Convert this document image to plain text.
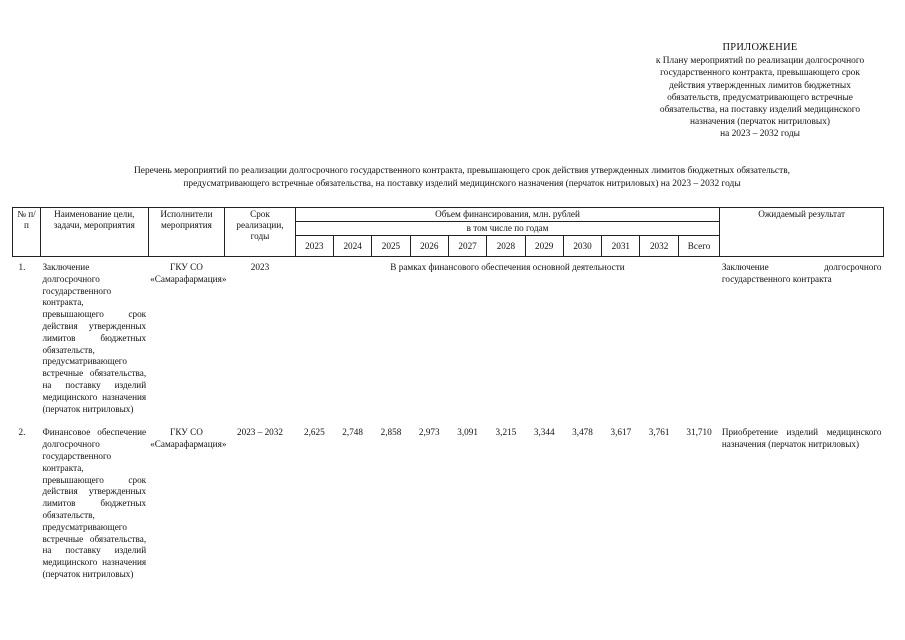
ПРИЛОЖЕНИЕ
к Плану мероприятий по реализации долгосрочного
государственного контракта, превышающего срок
действия утвержденных лимитов бюджетных
обязательств, предусматривающего встречные
обязательства, на поставку изделий медицинского
назначения (перчаток нитриловых)
на 2023 – 2032 годы
Перечень мероприятий по реализации долгосрочного государственного контракта, превышающего срок действия утвержденных лимитов бюджетных обязательств,
предусматривающего встречные обязательства, на поставку изделий медицинского назначения (перчаток нитриловых) на 2023 – 2032 годы
№ п/п	Наименование цели, задачи, мероприятия	Исполнители мероприятия	Срок реализации, годы	Объем финансирования, млн. рублей											Ожидаемый результат
				в том числе по годам											
				2023	2024	2025	2026	2027	2028	2029	2030	2031	2032	Всего	

1.	Заключение долгосрочного государственного контракта, превышающего срок действия утвержденных лимитов бюджетных обязательств, предусматривающего встречные обязательства, на поставку изделий медицинского назначения (перчаток нитриловых)	ГКУ СО «Самарафармация»	2023	В рамках финансового обеспечения основной деятельности											Заключение долгосрочного государственного контракта

2.	Финансовое обеспечение долгосрочного государственного контракта, превышающего срок действия утвержденных лимитов бюджетных обязательств, предусматривающего встречные обязательства, на поставку изделий медицинского назначения (перчаток нитриловых)	ГКУ СО «Самарафармация»	2023 – 2032	2,625	2,748	2,858	2,973	3,091	3,215	3,344	3,478	3,617	3,761	31,710	Приобретение изделий медицинского назначения (перчаток нитриловых)
